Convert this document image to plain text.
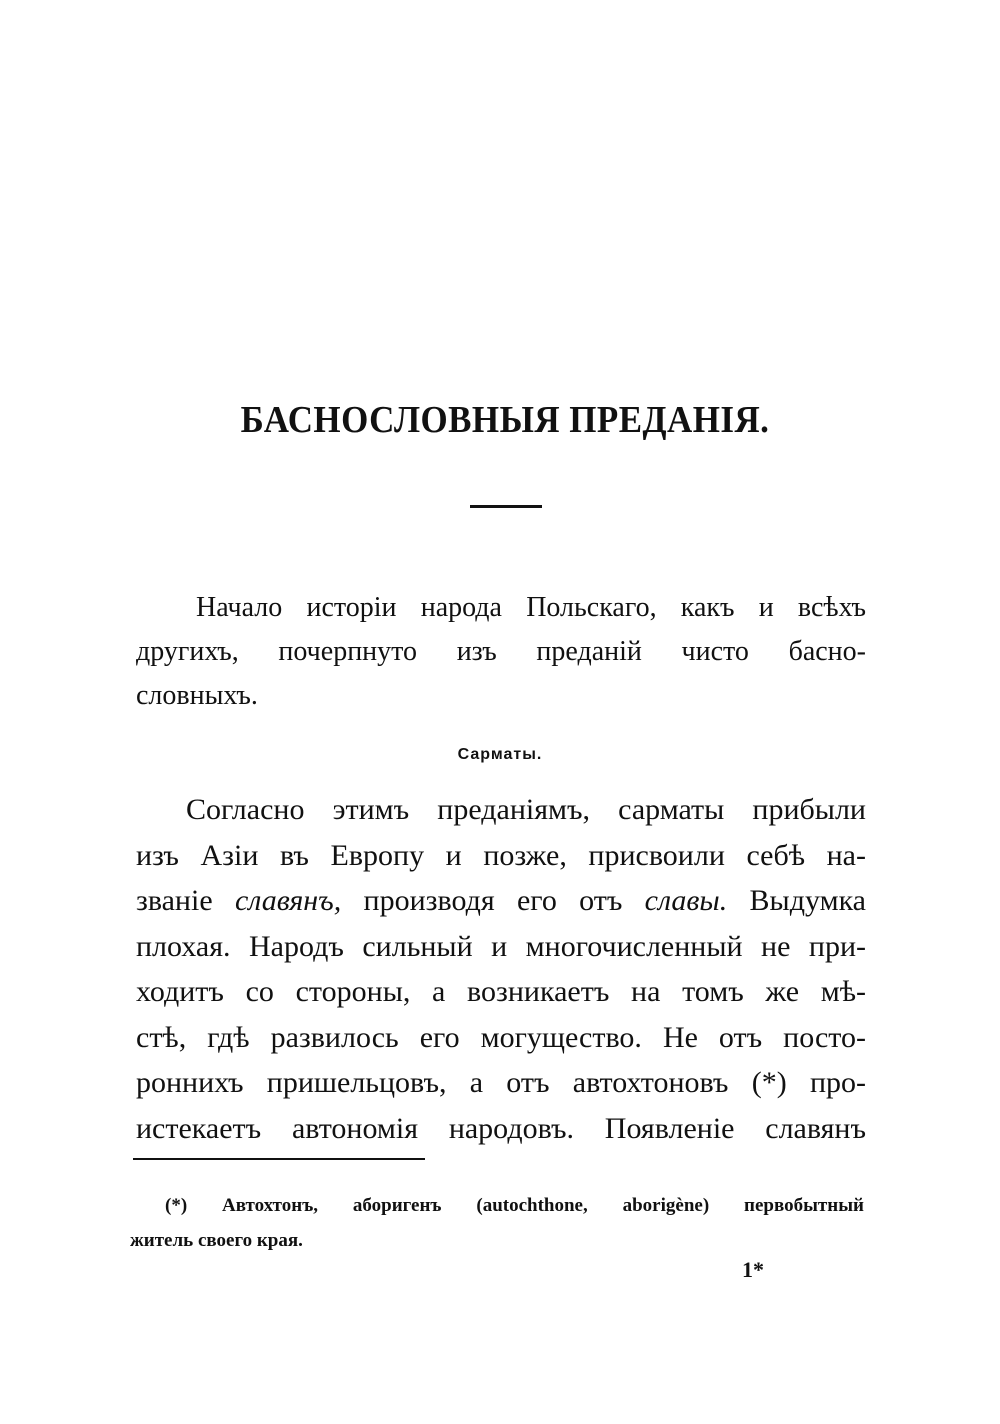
БАСНОСЛОВНЫЯ ПРЕДАНІЯ.
Начало исторіи народа Польскаго, какъ и всѣхъ
другихъ, почерпнуто изъ преданій чисто басно-
словныхъ.
Сарматы.
Согласно этимъ преданіямъ, сарматы прибыли
изъ Азіи въ Европу и позже, присвоили себѣ на-
званіе славянъ, производя его отъ славы. Выдумка
плохая. Народъ сильный и многочисленный не при-
ходитъ со стороны, а возникаетъ на томъ же мѣ-
стѣ, гдѣ развилось его могущество. Не отъ посто-
роннихъ пришельцовъ, а отъ автохтоновъ (*) про-
истекаетъ автономія народовъ. Появленіе славянъ
(*) Автохтонъ, аборигенъ (autochthone, aborigène) первобытный
житель своего края.
1*
